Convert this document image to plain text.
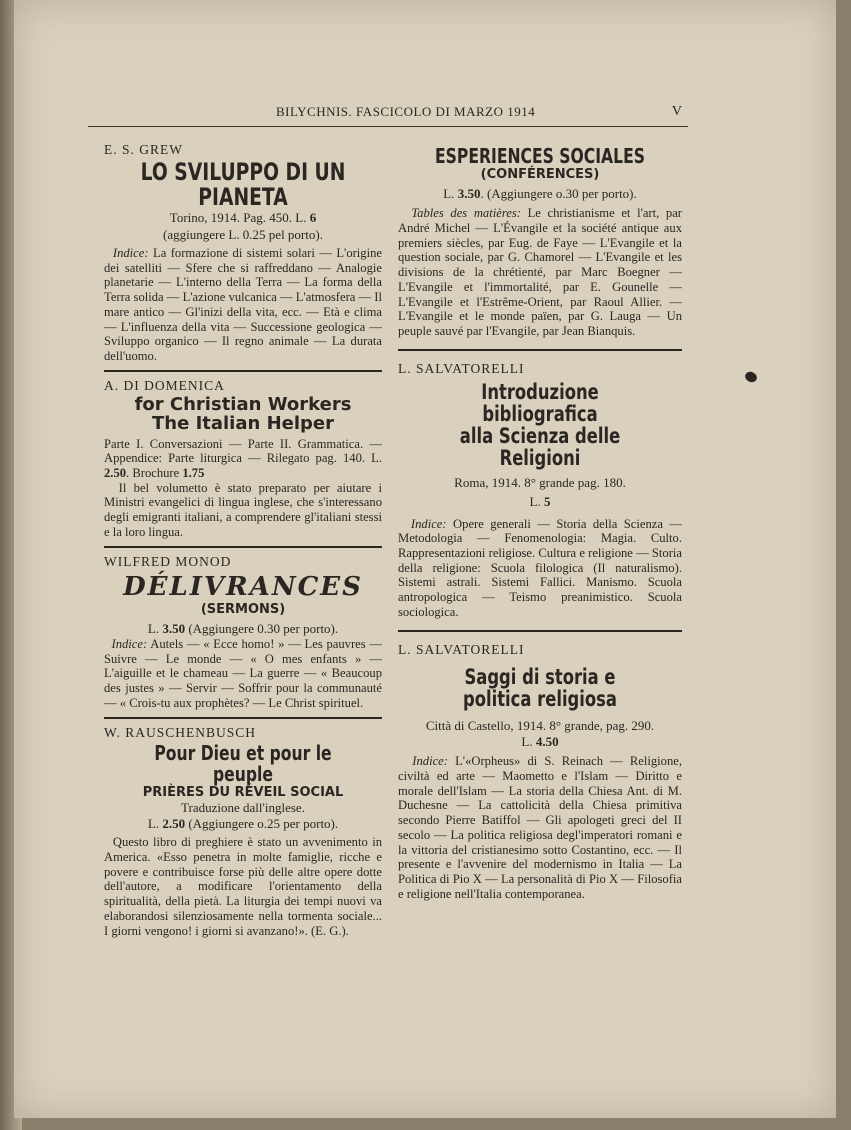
BILYCHNIS. FASCICOLO DI MARZO 1914	V
E. S. GREW
LO SVILUPPO DI UN PIANETA
Torino, 1914. Pag. 450. L. 6
(aggiungere L. 0.25 pel porto).
Indice: La formazione di sistemi solari — L'origine dei satelliti — Sfere che si raffreddano — Analogie planetarie — L'interno della Terra — La forma della Terra solida — L'azione vulcanica — L'atmosfera — Il mare antico — Gl'inizi della vita, ecc. — Età e clima — L'influenza della vita — Successione geologica — Sviluppo organico — Il regno animale — La durata dell'uomo.
A. DI DOMENICA
for Christian Workers
The Italian Helper
Parte I. Conversazioni — Parte II. Grammatica. — Appendice: Parte liturgica — Rilegato pag. 140. L. 2.50. Brochure 1.75
Il bel volumetto è stato preparato per aiutare i Ministri evangelici di lingua inglese, che s'interessano degli emigranti italiani, a comprendere gl'italiani stessi e la loro lingua.
WILFRED MONOD
DÉLIVRANCES
(SERMONS)
L. 3.50 (Aggiungere 0.30 per porto).
Indice: Autels — « Ecce homo! » — Les pauvres — Suivre — Le monde — « O mes enfants » — L'aiguille et le chameau — La guerre — « Beaucoup des justes » — Servir — Soffrir pour la communauté — « Crois-tu aux prophètes? — Le Christ spirituel.
W. RAUSCHENBUSCH
Pour Dieu et pour le peuple
PRIÈRES DU RÉVEIL SOCIAL
Traduzione dall'inglese.
L. 2.50 (Aggiungere o.25 per porto).
Questo libro di preghiere è stato un avvenimento in America. «Esso penetra in molte famiglie, ricche e povere e contribuisce forse più delle altre opere dotte dell'autore, a modificare l'orientamento della spiritualità, della pietà. La liturgia dei tempi nuovi va elaborandosi silenziosamente nella tormenta sociale... I giorni vengono! i giorni si avanzano!». (E. G.).
ESPERIENCES SOCIALES
(CONFÉRENCES)
L. 3.50. (Aggiungere o.30 per porto).
Tables des matières: Le christianisme et l'art, par André Michel — L'Évangile et la société antique aux premiers siècles, par Eug. de Faye — L'Evangile et la question sociale, par G. Chamorel — L'Evangile et les divisions de la chrétienté, par Marc Boegner — L'Evangile et l'immortalité, par E. Gounelle — L'Evangile et l'Estrême-Orient, par Raoul Allier. — L'Evangile et le monde païen, par G. Lauga — Un peuple sauvé par l'Evangile, par Jean Bianquis.
L. SALVATORELLI
Introduzione bibliografica
alla Scienza delle Religioni
Roma, 1914. 8° grande pag. 180.
L. 5
Indice: Opere generali — Storia della Scienza — Metodologia — Fenomenologia: Magia. Culto. Rappresentazioni religiose. Cultura e religione — Storia della religione: Scuola filologica (Il naturalismo). Sistemi astrali. Sistemi Fallici. Manismo. Scuola antropologica — Teismo preanimistico. Scuola sociologica.
L. SALVATORELLI
Saggi di storia e politica religiosa
Città di Castello, 1914. 8° grande, pag. 290.
L. 4.50
Indice: L'«Orpheus» di S. Reinach — Religione, civiltà ed arte — Maometto e l'Islam — Diritto e morale dell'Islam — La storia della Chiesa Ant. di M. Duchesne — La cattolicità della Chiesa primitiva secondo Pierre Batiffol — Gli apologeti greci del II secolo — La politica religiosa degl'imperatori romani e la vittoria del cristianesimo sotto Costantino, ecc. — Il presente e l'avvenire del modernismo in Italia — La Politica di Pio X — La personalità di Pio X — Filosofia e religione nell'Italia contemporanea.
